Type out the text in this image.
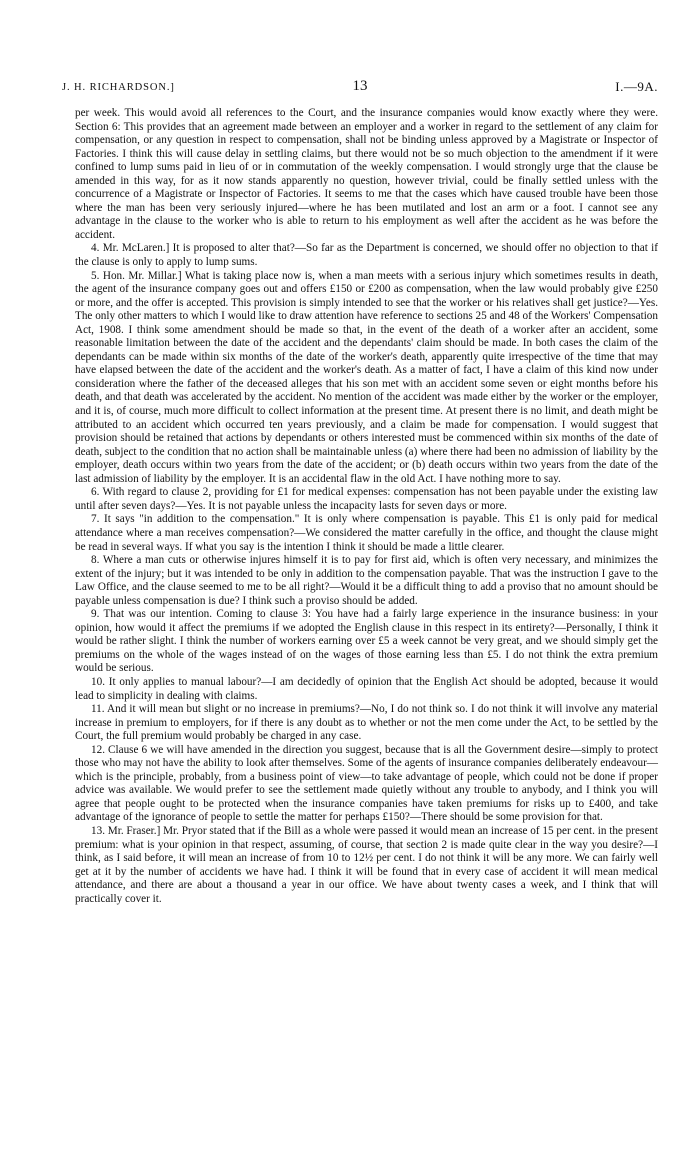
J. H. RICHARDSON.]	13	I.—9A.

per week. This would avoid all references to the Court, and the insurance companies would know exactly where they were. Section 6: This provides that an agreement made between an employer and a worker in regard to the settlement of any claim for compensation, or any question in respect to compensation, shall not be binding unless approved by a Magistrate or Inspector of Factories. I think this will cause delay in settling claims, but there would not be so much objection to the amendment if it were confined to lump sums paid in lieu of or in commutation of the weekly compensation. I would strongly urge that the clause be amended in this way, for as it now stands apparently no question, however trivial, could be finally settled unless with the concurrence of a Magistrate or Inspector of Factories. It seems to me that the cases which have caused trouble have been those where the man has been very seriously injured—where he has been mutilated and lost an arm or a foot. I cannot see any advantage in the clause to the worker who is able to return to his employment as well after the accident as he was before the accident.

4. Mr. McLaren.] It is proposed to alter that?—So far as the Department is concerned, we should offer no objection to that if the clause is only to apply to lump sums.

5. Hon. Mr. Millar.] What is taking place now is, when a man meets with a serious injury which sometimes results in death, the agent of the insurance company goes out and offers £150 or £200 as compensation, when the law would probably give £250 or more, and the offer is accepted. This provision is simply intended to see that the worker or his relatives shall get justice?—Yes. The only other matters to which I would like to draw attention have reference to sections 25 and 48 of the Workers' Compensation Act, 1908. I think some amendment should be made so that, in the event of the death of a worker after an accident, some reasonable limitation between the date of the accident and the dependants' claim should be made. In both cases the claim of the dependants can be made within six months of the date of the worker's death, apparently quite irrespective of the time that may have elapsed between the date of the accident and the worker's death. As a matter of fact, I have a claim of this kind now under consideration where the father of the deceased alleges that his son met with an accident some seven or eight months before his death, and that death was accelerated by the accident. No mention of the accident was made either by the worker or the employer, and it is, of course, much more difficult to collect information at the present time. At present there is no limit, and death might be attributed to an accident which occurred ten years previously, and a claim be made for compensation. I would suggest that provision should be retained that actions by dependants or others interested must be commenced within six months of the date of death, subject to the condition that no action shall be maintainable unless (a) where there had been no admission of liability by the employer, death occurs within two years from the date of the accident; or (b) death occurs within two years from the date of the last admission of liability by the employer. It is an accidental flaw in the old Act. I have nothing more to say.

6. With regard to clause 2, providing for £1 for medical expenses: compensation has not been payable under the existing law until after seven days?—Yes. It is not payable unless the incapacity lasts for seven days or more.

7. It says "in addition to the compensation." It is only where compensation is payable. This £1 is only paid for medical attendance where a man receives compensation?—We considered the matter carefully in the office, and thought the clause might be read in several ways. If what you say is the intention I think it should be made a little clearer.

8. Where a man cuts or otherwise injures himself it is to pay for first aid, which is often very necessary, and minimizes the extent of the injury; but it was intended to be only in addition to the compensation payable. That was the instruction I gave to the Law Office, and the clause seemed to me to be all right?—Would it be a difficult thing to add a proviso that no amount should be payable unless compensation is due? I think such a proviso should be added.

9. That was our intention. Coming to clause 3: You have had a fairly large experience in the insurance business: in your opinion, how would it affect the premiums if we adopted the English clause in this respect in its entirety?—Personally, I think it would be rather slight. I think the number of workers earning over £5 a week cannot be very great, and we should simply get the premiums on the whole of the wages instead of on the wages of those earning less than £5. I do not think the extra premium would be serious.

10. It only applies to manual labour?—I am decidedly of opinion that the English Act should be adopted, because it would lead to simplicity in dealing with claims.

11. And it will mean but slight or no increase in premiums?—No, I do not think so. I do not think it will involve any material increase in premium to employers, for if there is any doubt as to whether or not the men come under the Act, to be settled by the Court, the full premium would probably be charged in any case.

12. Clause 6 we will have amended in the direction you suggest, because that is all the Government desire—simply to protect those who may not have the ability to look after themselves. Some of the agents of insurance companies deliberately endeavour—which is the principle, probably, from a business point of view—to take advantage of people, which could not be done if proper advice was available. We would prefer to see the settlement made quietly without any trouble to anybody, and I think you will agree that people ought to be protected when the insurance companies have taken premiums for risks up to £400, and take advantage of the ignorance of people to settle the matter for perhaps £150?—There should be some provision for that.

13. Mr. Fraser.] Mr. Pryor stated that if the Bill as a whole were passed it would mean an increase of 15 per cent. in the present premium: what is your opinion in that respect, assuming, of course, that section 2 is made quite clear in the way you desire?—I think, as I said before, it will mean an increase of from 10 to 12½ per cent. I do not think it will be any more. We can fairly well get at it by the number of accidents we have had. I think it will be found that in every case of accident it will mean medical attendance, and there are about a thousand a year in our office. We have about twenty cases a week, and I think that will practically cover it.
